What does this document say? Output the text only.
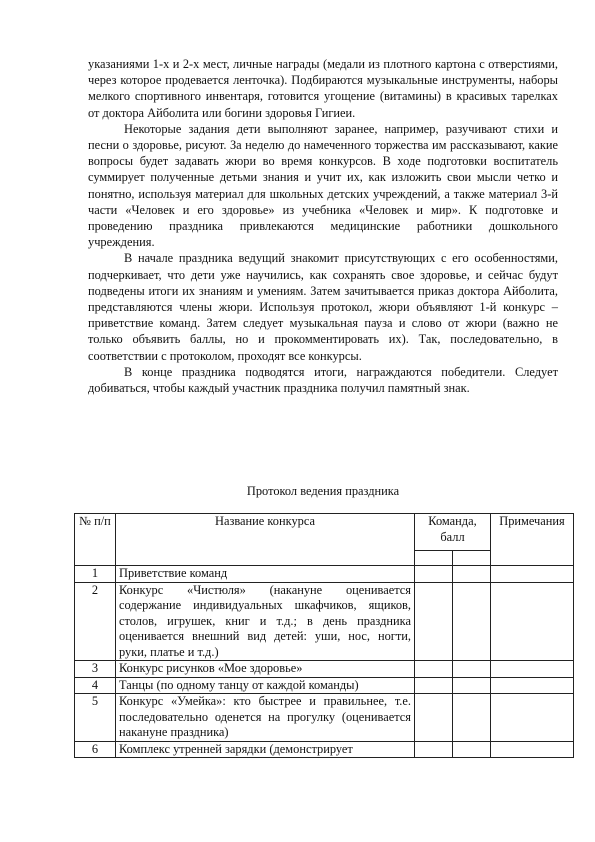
указаниями 1-х и 2-х мест, личные награды (медали из плотного картона с отверстиями, через которое продевается ленточка). Подбираются музыкальные инструменты, наборы мелкого спортивного инвентаря, готовится угощение (витамины) в красивых тарелках от доктора Айболита или богини здоровья Гигиеи.

Некоторые задания дети выполняют заранее, например, разучивают стихи и песни о здоровье, рисуют. За неделю до намеченного торжества им рассказывают, какие вопросы будет задавать жюри во время конкурсов. В ходе подготовки воспитатель суммирует полученные детьми знания и учит их, как изложить свои мысли четко и понятно, используя материал для школьных детских учреждений, а также материал 3-й части «Человек и его здоровье» из учебника «Человек и мир». К подготовке и проведению праздника привлекаются медицинские работники дошкольного учреждения.

В начале праздника ведущий знакомит присутствующих с его особенностями, подчеркивает, что дети уже научились, как сохранять свое здоровье, и сейчас будут подведены итоги их знаниям и умениям. Затем зачитывается приказ доктора Айболита, представляются члены жюри. Используя протокол, жюри объявляют 1-й конкурс – приветствие команд. Затем следует музыкальная пауза и слово от жюри (важно не только объявить баллы, но и прокомментировать их). Так, последовательно, в соответствии с протоколом, проходят все конкурсы.

В конце праздника подводятся итоги, награждаются победители. Следует добиваться, чтобы каждый участник праздника получил памятный знак.

Протокол ведения праздника
№ п/п	Название конкурса	Команда, балл		Примечания

1	Приветствие команд			
2	Конкурс «Чистюля» (накануне оценивается содержание индивидуальных шкафчиков, ящиков, столов, игрушек, книг и т.д.; в день праздника оценивается внешний вид детей: уши, нос, ногти, руки, платье и т.д.)			
3	Конкурс рисунков «Мое здоровье»			
4	Танцы (по одному танцу от каждой команды)			
5	Конкурс «Умейка»: кто быстрее и правильнее, т.е. последовательно оденется на прогулку (оценивается накануне праздника)			
6	Комплекс утренней зарядки (демонстрирует			
